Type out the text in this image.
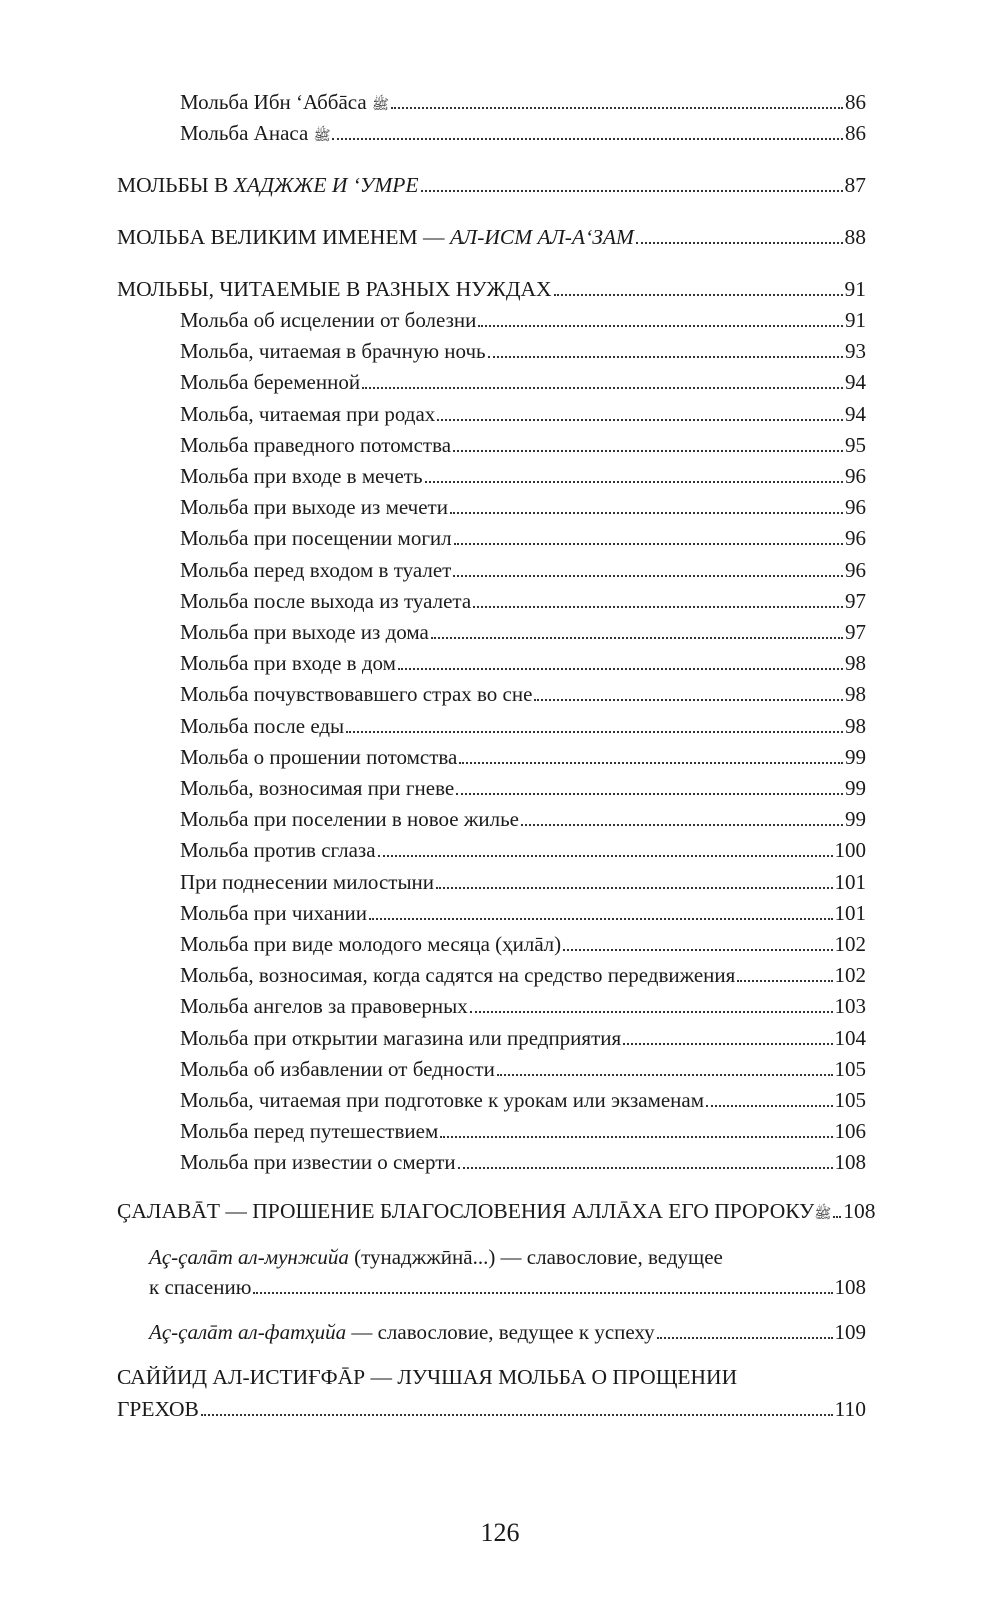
Мольба Ибн ‘Аббāса ﷺ	86
Мольба Анаса ﷺ	86
МОЛЬБЫ В ХАДЖЖЕ И ‘УМРЕ	87
МОЛЬБА ВЕЛИКИМ ИМЕНЕМ — АЛ-ИСМ АЛ-А‘ЗАМ	88
МОЛЬБЫ, ЧИТАЕМЫЕ В РАЗНЫХ НУЖДАХ	91
Мольба об исцелении от болезни	91
Мольба, читаемая в брачную ночь	93
Мольба беременной	94
Мольба, читаемая при родах	94
Мольба праведного потомства	95
Мольба при входе в мечеть	96
Мольба при выходе из мечети	96
Мольба при посещении могил	96
Мольба перед входом в туалет	96
Мольба после выхода из туалета	97
Мольба при выходе из дома	97
Мольба при входе в дом	98
Мольба почувствовавшего страх во сне	98
Мольба после еды	98
Мольба о прошении потомства	99
Мольба, возносимая при гневе	99
Мольба при поселении в новое жилье	99
Мольба против сглаза	100
При поднесении милостыни	101
Мольба при чихании	101
Мольба при виде молодого месяца (ҳилāл)	102
Мольба, возносимая, когда садятся на средство передвижения	102
Мольба ангелов за правоверных	103
Мольба при открытии магазина или предприятия	104
Мольба об избавлении от бедности	105
Мольба, читаемая при подготовке к урокам или экзаменам	105
Мольба перед путешествием	106
Мольба при известии о смерти	108
ÇАЛАВĀТ — ПРОШЕНИЕ БЛАГОСЛОВЕНИЯ АЛЛĀХА ЕГО ПРОРОКУﷺ 108
Аç-çалāт ал-мунжийа (тунаджжӣнā...) — славословие, ведущее
к спасению	108
Аç-çалāт ал-фатҳийа — славословие, ведущее к успеху	109
САЙЙИД АЛ-ИСТИҒФĀР — ЛУЧШАЯ МОЛЬБА О ПРОЩЕНИИ
ГРЕХОВ	110
126
